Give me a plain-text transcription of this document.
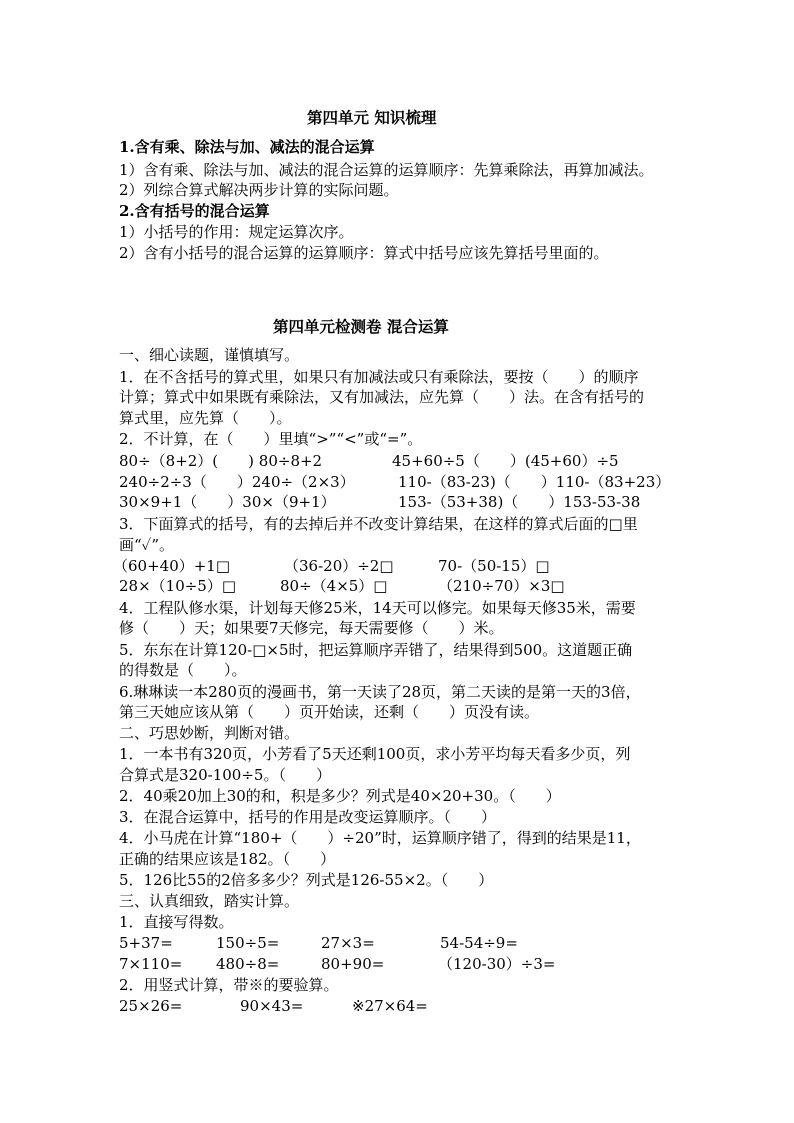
第四单元 知识梳理
1.含有乘、除法与加、减法的混合运算
1）含有乘、除法与加、减法的混合运算的运算顺序：先算乘除法，再算加减法。
2）列综合算式解决两步计算的实际问题。
2.含有括号的混合运算
1）小括号的作用：规定运算次序。
2）含有小括号的混合运算的运算顺序：算式中括号应该先算括号里面的。
第四单元检测卷 混合运算
一、细心读题，谨慎填写。
1．在不含括号的算式里，如果只有加减法或只有乘除法，要按（　　）的顺序
计算；算式中如果既有乘除法，又有加减法，应先算（　　）法。在含有括号的
算式里，应先算（　　）。
2．不计算，在（　　）里填“>”“<”或“=”。
80÷（8+2）(　　) 80÷8+2	45+60÷5（　　）(45+60）÷5
240÷2÷3（　　）240÷（2×3）	110-（83-23)（　　）110-（83+23）
30×9+1（　　）30×（9+1）	153-（53+38)（　　）153-53-38
3．下面算式的括号，有的去掉后并不改变计算结果，在这样的算式后面的□里
画“✓”。
（60+40）+1□	（36-20）÷2□	70-（50-15）□
28×（10÷5）□	80÷（4×5）□	（210÷70）×3□
4．工程队修水渠，计划每天修25米，14天可以修完。如果每天修35米，需要
修（　　）天；如果要7天修完，每天需要修（　　）米。
5．东东在计算120-□×5时，把运算顺序弄错了，结果得到500。这道题正确
的得数是（　　）。
6.琳琳读一本280页的漫画书，第一天读了28页，第二天读的是第一天的3倍，
第三天她应该从第（　　）页开始读，还剩（　　）页没有读。
二、巧思妙断，判断对错。
1．一本书有320页，小芳看了5天还剩100页，求小芳平均每天看多少页，列
合算式是320-100÷5。（　　）
2．40乘20加上30的和，积是多少？列式是40×20+30。（　　）
3．在混合运算中，括号的作用是改变运算顺序。（　　）
4．小马虎在计算“180+（　　）÷20”时，运算顺序错了，得到的结果是11，
正确的结果应该是182。（　　）
5．126比55的2倍多多少？列式是126-55×2。（　　）
三、认真细致，踏实计算。
1．直接写得数。
5+37=	150÷5=	27×3=	54-54÷9=
7×110= 480÷8=	80+90=	（120-30）÷3=
2．用竖式计算，带※的要验算。
25×26=	90×43=	※27×64=
